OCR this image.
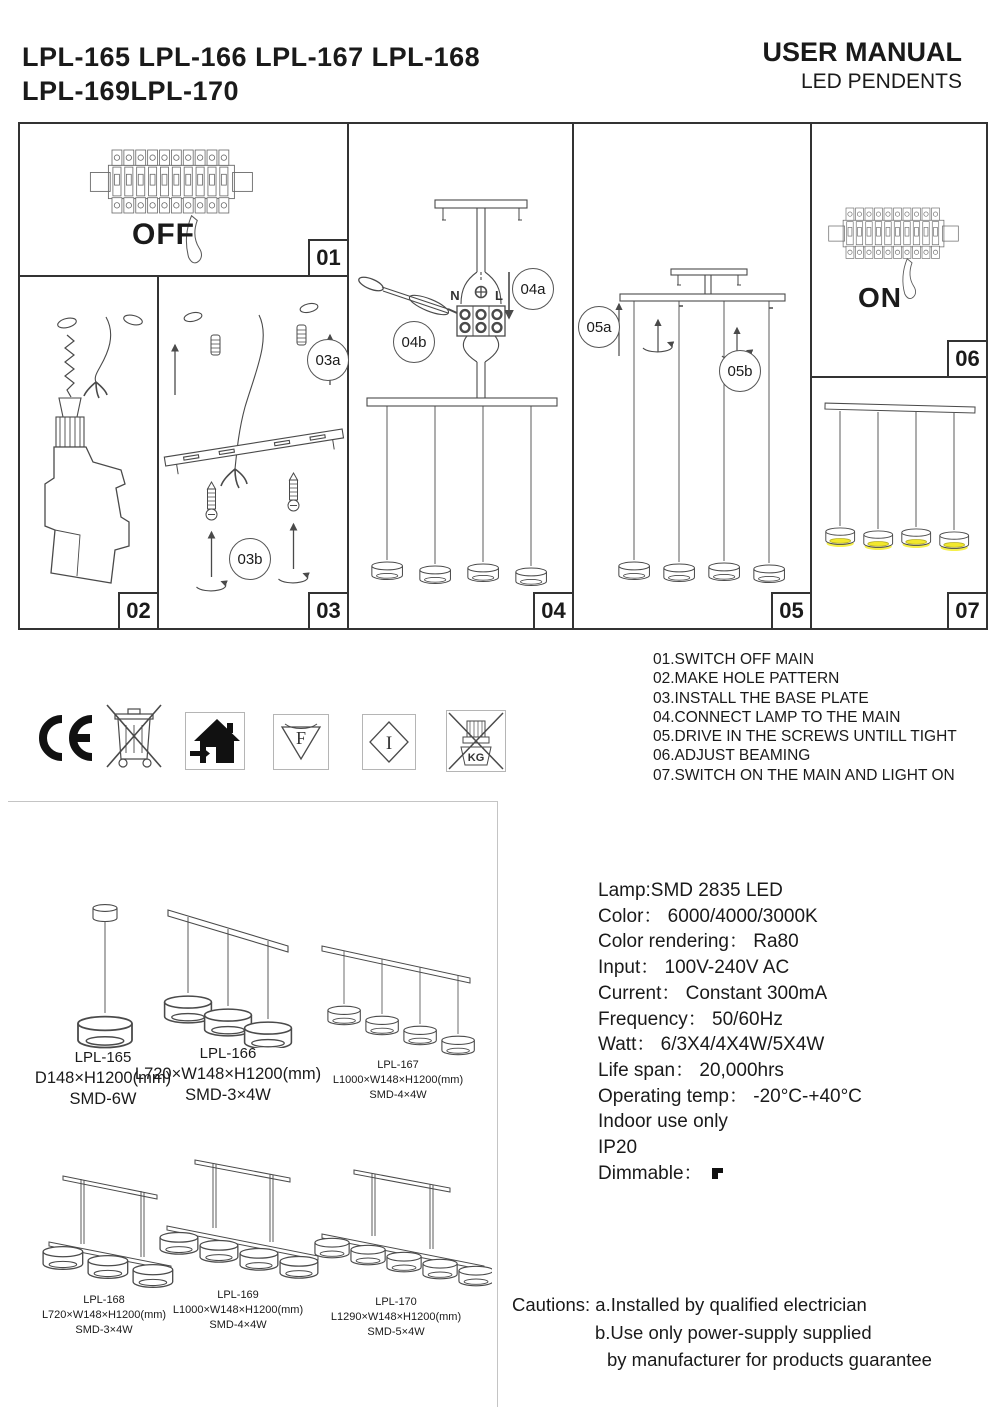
LPL-165 LPL-166 LPL-167 LPL-168
LPL-169LPL-170
USER MANUAL
LED PENDENTS
OFF
01
02
03a
03b
03
N	L	04a
04b
04
05a
05b
05
ON
06
07
01.SWITCH OFF MAIN
02.MAKE HOLE PATTERN
03.INSTALL THE BASE PLATE
04.CONNECT LAMP TO THE MAIN
05.DRIVE IN THE SCREWS UNTILL TIGHT
06.ADJUST BEAMING
07.SWITCH ON THE MAIN AND LIGHT ON
F	I
KG
LPL-165
D148×H1200(mm)
SMD-6W
LPL-166
L720×W148×H1200(mm)
SMD-3×4W
LPL-167
L1000×W148×H1200(mm)
SMD-4×4W
LPL-168
L720×W148×H1200(mm)
SMD-3×4W
LPL-169
L1000×W148×H1200(mm)
SMD-4×4W
LPL-170
L1290×W148×H1200(mm)
SMD-5×4W
Lamp:SMD 2835 LED
Color： 6000/4000/3000K
Color rendering： Ra80
Input： 100V-240V AC
Current： Constant 300mA
Frequency： 50/60Hz
Watt： 6/3X4/4X4W/5X4W
Life span： 20,000hrs
Operating temp： -20°C-+40°C
Indoor use only
IP20
Dimmable：
Cautions: a.Installed by qualified electrician
b.Use only power-supply supplied
by manufacturer for products guarantee
